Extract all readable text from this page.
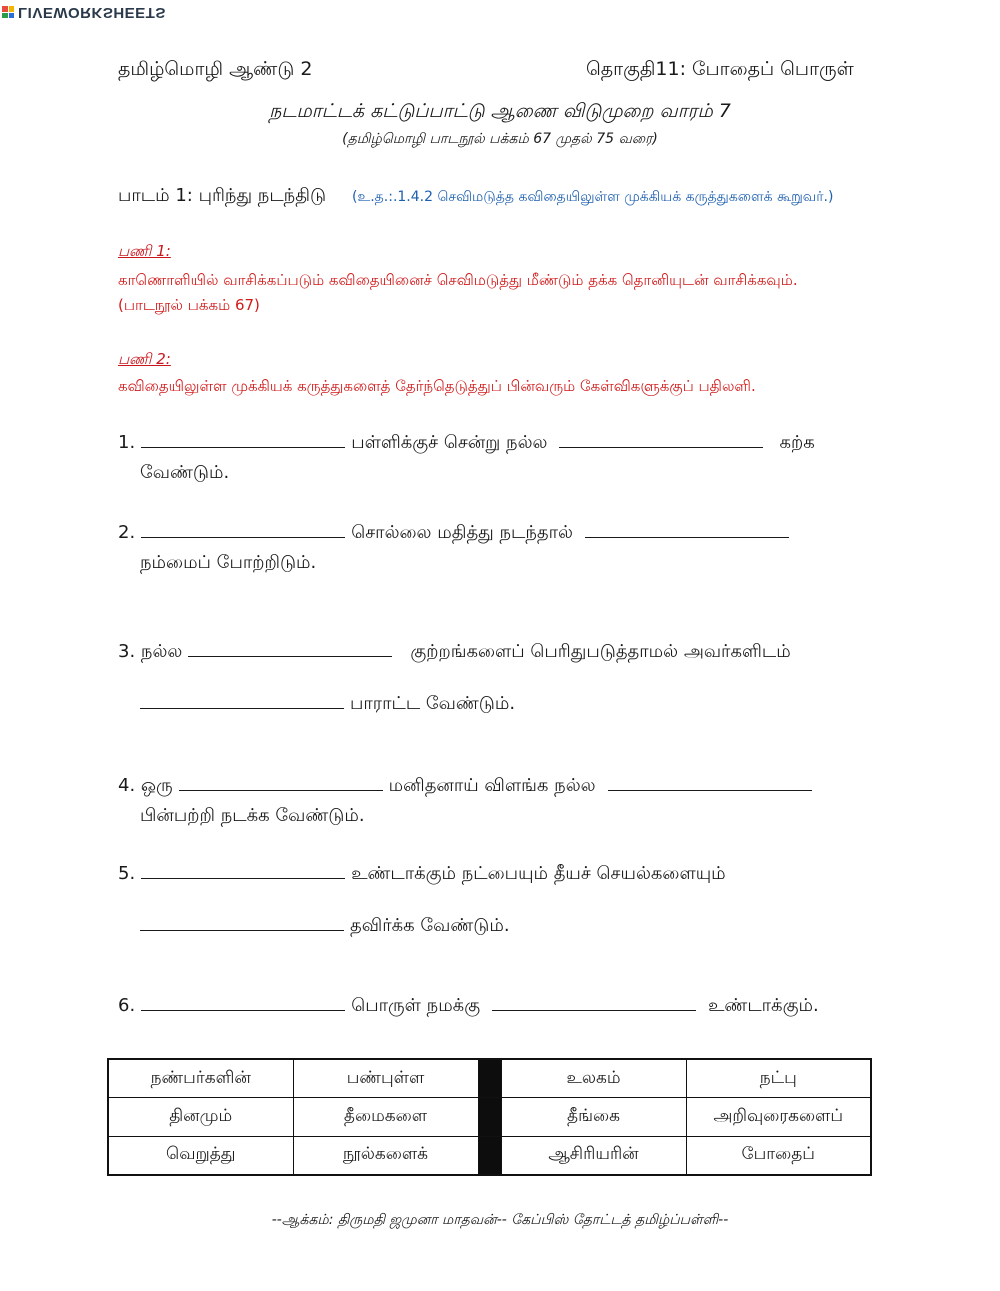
LIVEWORKSHEETS
தமிழ்மொழி ஆண்டு 2	தொகுதி11: போதைப் பொருள்
நடமாட்டக் கட்டுப்பாட்டு ஆணை விடுமுறை வாரம் 7
(தமிழ்மொழி பாடநூல் பக்கம் 67 முதல் 75 வரை)
பாடம் 1: புரிந்து நடந்திடு (உ.த.:.1.4.2 செவிமடுத்த கவிதையிலுள்ள முக்கியக் கருத்துகளைக் கூறுவர்.)
பணி 1:
காணொளியில் வாசிக்கப்படும் கவிதையினைச் செவிமடுத்து மீண்டும் தக்க தொனியுடன் வாசிக்கவும்.
(பாடநூல் பக்கம் 67)
பணி 2:
கவிதையிலுள்ள முக்கியக் கருத்துகளைத் தேர்ந்தெடுத்துப் பின்வரும் கேள்விகளுக்குப் பதிலளி.
1.	பள்ளிக்குச் சென்று நல்ல	கற்க
வேண்டும்.
2.	சொல்லை மதித்து நடந்தால்
நம்மைப் போற்றிடும்.
3. நல்ல	குற்றங்களைப் பெரிதுபடுத்தாமல் அவர்களிடம்
பாராட்ட வேண்டும்.
4. ஒரு	மனிதனாய் விளங்க நல்ல
பின்பற்றி நடக்க வேண்டும்.
5.	உண்டாக்கும் நட்பையும் தீயச் செயல்களையும்
தவிர்க்க வேண்டும்.
6.	பொருள் நமக்கு	உண்டாக்கும்.
நண்பர்களின்	பண்புள்ள		உலகம்	நட்பு
தினமும்	தீமைகளை		தீங்கை	அறிவுரைகளைப்
வெறுத்து	நூல்களைக்		ஆசிரியரின்	போதைப்
--ஆக்கம்: திருமதி ஜமுனா மாதவன்-- கேப்பிஸ் தோட்டத் தமிழ்ப்பள்ளி--
